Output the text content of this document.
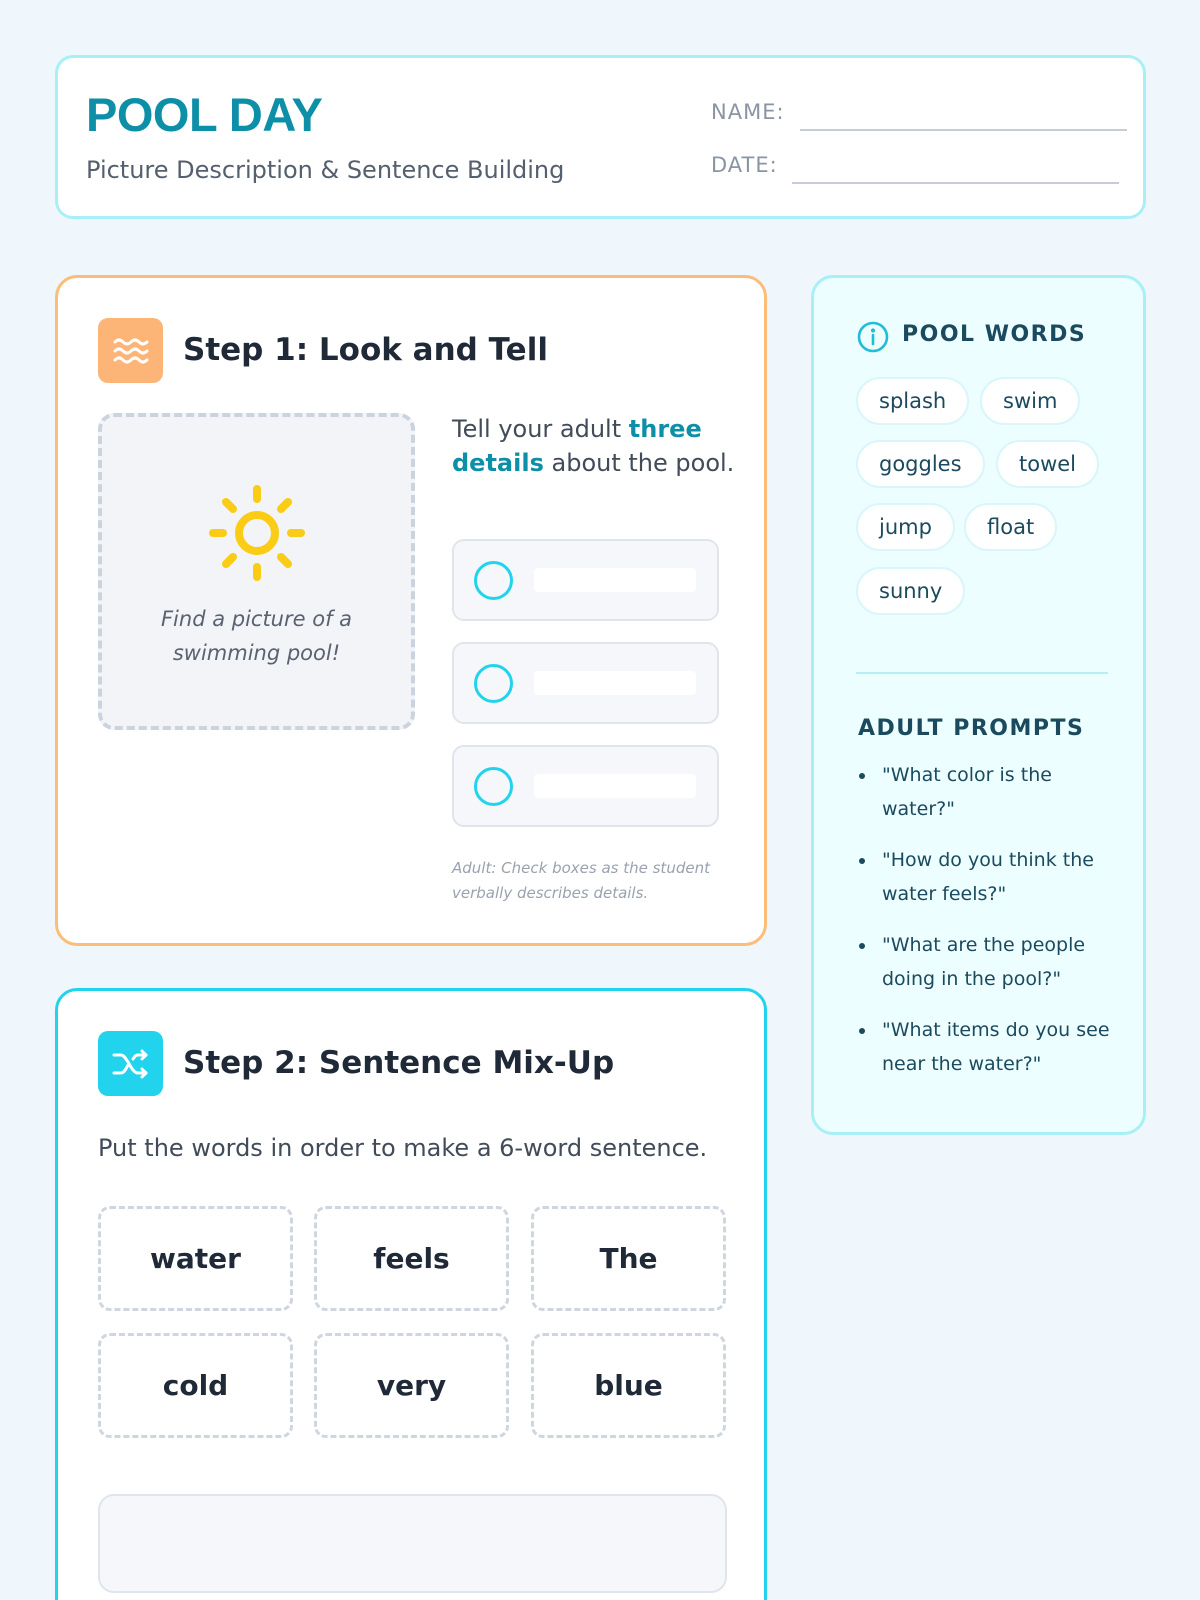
POOL DAY
Picture Description & Sentence Building
NAME:
DATE:
Step 1: Look and Tell
Find a picture of a swimming pool!
Tell your adult three details about the pool.
Adult: Check boxes as the student verbally describes details.
Step 2: Sentence Mix-Up
Put the words in order to make a 6-word sentence.
water	feels	The
cold	very	blue
POOL WORDS
splash	swim
goggles	towel
jump	float
sunny
ADULT PROMPTS
"What color is the water?"
"How do you think the water feels?"
"What are the people doing in the pool?"
"What items do you see near the water?"
